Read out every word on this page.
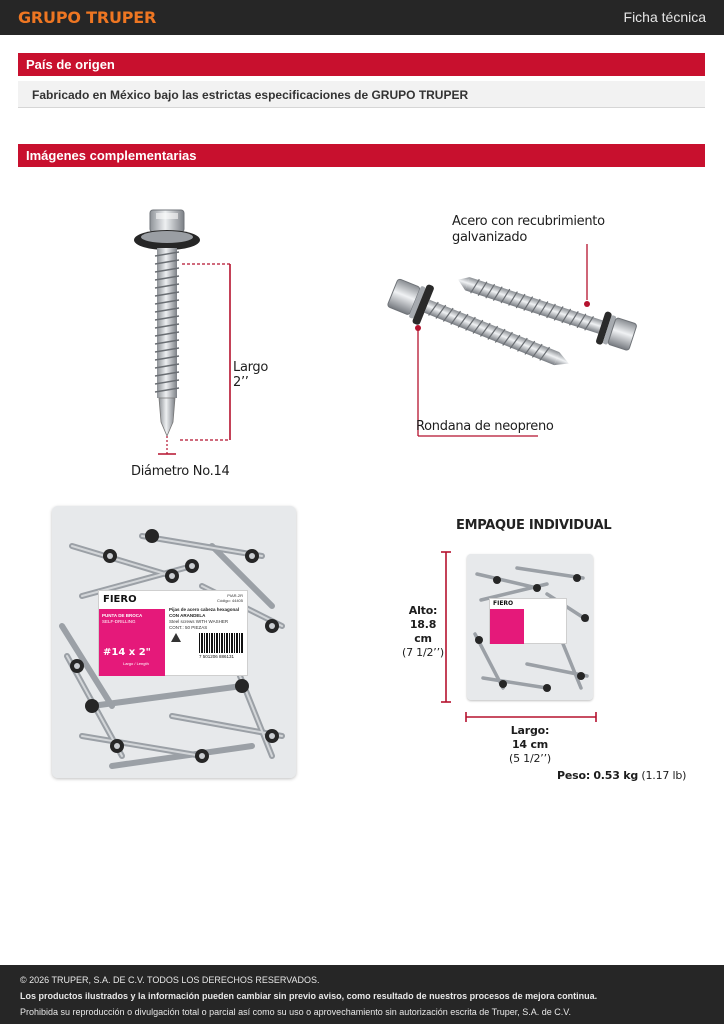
GRUPO TRUPER	Ficha técnica
País de origen
Fabricado en México bajo las estrictas especificaciones de GRUPO TRUPER
Imágenes complementarias
Largo
2’’
Diámetro No.14
Acero con recubrimiento
galvanizado
Rondana de neopreno
FIERO	PIAR-2R
Código: 44405
PUNTA DE BROCA
SELF-DRILLING
#14 x 2"
Largo / Length
Pijas de acero cabeza hexagonal
CON ARANDELA
Steel screws WITH WASHER
CONT.: 50 PIEZAS
7 501206 886131
EMPAQUE INDIVIDUAL
FIERO
Alto:
18.8 cm
(7 1/2’’)
Largo:
14 cm
(5 1/2’’)
Peso: 0.53 kg (1.17 lb)

© 2026 TRUPER, S.A. DE C.V. TODOS LOS DERECHOS RESERVADOS.

Los productos ilustrados y la información pueden cambiar sin previo aviso, como resultado de nuestros procesos de mejora continua.

Prohibida su reproducción o divulgación total o parcial así como su uso o aprovechamiento sin autorización escrita de Truper, S.A. de C.V.
